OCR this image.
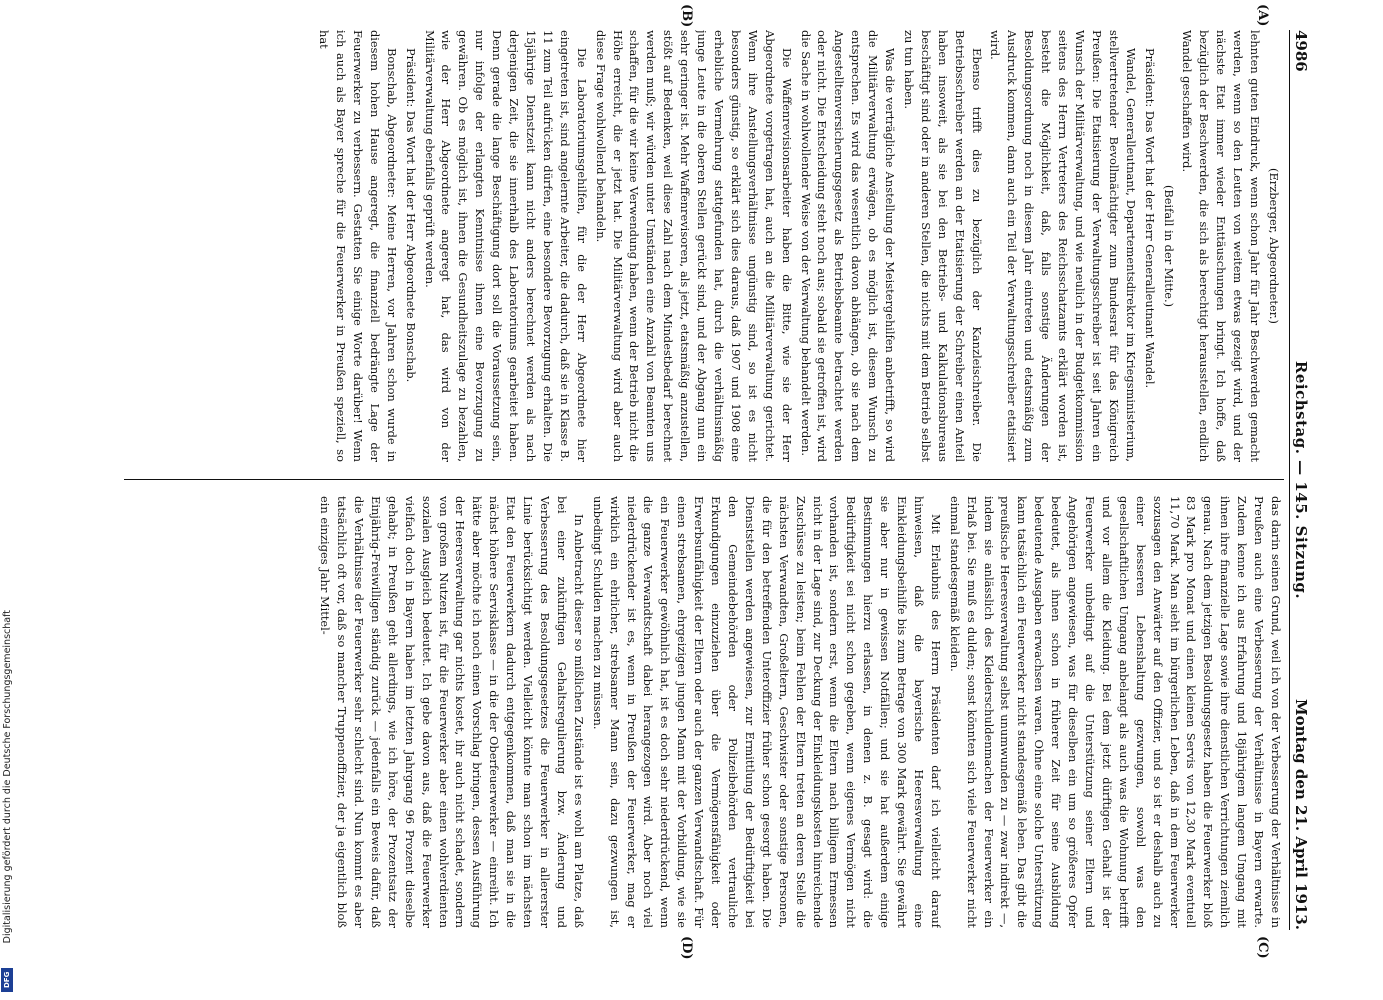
Digitalisierung gefördert durch die Deutsche Forschungsgemeinschaft
DFG
4986
Reichstag. — 145. Sitzung.
Montag den 21. April 1913.
(A)
(B)
(C)
(D)

(Erzberger, Abgeordneter.)

lehnten guten Eindruck, wenn schon Jahr für Jahr Beschwerden gemacht werden, wenn so den Leuten von weitem etwas gezeigt wird, und der nächste Etat immer wieder Enttäuschungen bringt. Ich hoffe, daß bezüglich der Beschwerden, die sich als berechtigt herausstellen, endlich Wandel geschaffen wird.

(Beifall in der Mitte.)

Präsident: Das Wort hat der Herr Generalleutnant Wandel.

Wandel, Generalleutnant, Departementsdirektor im Kriegsministerium, stellvertretender Bevollmächtigter zum Bundesrat für das Königreich Preußen: Die Etatisierung der Verwaltungsschreiber ist seit Jahren ein Wunsch der Militärverwaltung, und wie neulich in der Budgetkommission seitens des Herrn Vertreters des Reichsschatzamts erklärt worden ist, besteht die Möglichkeit, daß, falls sonstige Änderungen der Besoldungsordnung noch in diesem Jahr eintreten und etatsmäßig zum Ausdruck kommen, dann auch ein Teil der Verwaltungsschreiber etatisiert wird.

Ebenso trifft dies zu bezüglich der Kanzleischreiber. Die Betriebsschreiber werden an der Etatisierung der Schreiber einen Anteil haben insoweit, als sie bei den Betriebs- und Kalkulationsbureaus beschäftigt sind oder in anderen Stellen, die nichts mit dem Betrieb selbst zu tun haben.

Was die verträgliche Anstellung der Meistergehilfen anbetrifft, so wird die Militärverwaltung erwägen, ob es möglich ist, diesem Wunsch zu entsprechen. Es wird das wesentlich davon abhängen, ob sie nach dem Angestelltenversicherungsgesetz als Betriebsbeamte betrachtet werden oder nicht. Die Entscheidung steht noch aus; sobald sie getroffen ist, wird die Sache in wohlwollender Weise von der Verwaltung behandelt werden.

Die Waffenrevisionsarbeiter haben die Bitte, wie sie der Herr Abgeordnete vorgetragen hat, auch an die Militärverwaltung gerichtet. Wenn ihre Anstellungsverhältnisse ungünstig sind, so ist es nicht besonders günstig, so erklärt sich dies daraus, daß 1907 und 1908 eine erhebliche Vermehrung stattgefunden hat, durch die verhältnismäßig junge Leute in die oberen Stellen gerückt sind, und der Abgang nun ein sehr geringer ist. Mehr Waffenrevisoren, als jetzt, etatsmäßig anzustellen, stößt auf Bedenken, weil diese Zahl nach dem Mindestbedarf berechnet werden muß; wir würden unter Umständen eine Anzahl von Beamten uns schaffen, für die wir keine Verwendung haben, wenn der Betrieb nicht die Höhe erreicht, die er jetzt hat. Die Militärverwaltung wird aber auch diese Frage wohlwollend behandeln.

Die Laboratoriumsgehilfen, für die der Herr Abgeordnete hier eingetreten ist, sind angelernte Arbeiter, die dadurch, daß sie in Klasse B. 11 zum Teil aufrücken dürfen, eine besondere Bevorzugung erhalten. Die 15jährige Dienstzeit kann nicht anders berechnet werden als nach derjenigen Zeit, die sie innerhalb des Laboratoriums gearbeitet haben. Denn gerade die lange Beschäftigung dort soll die Voraussetzung sein, nur infolge der erlangten Kenntnisse ihnen eine Bevorzugung zu gewähren. Ob es möglich ist, ihnen die Gesundheitszulage zu bezahlen, wie der Herr Abgeordnete angeregt hat, das wird von der Militärverwaltung ebenfalls geprüft werden.

Präsident: Das Wort hat der Herr Abgeordnete Bonschab.

Bonschab, Abgeordneter: Meine Herren, vor Jahren schon wurde in diesem hohen Hause angeregt, die finanziell bedrängte Lage der Feuerwerker zu verbessern. Gestatten Sie einige Worte darüber! Wenn ich auch als Bayer spreche für die Feuerwerker in Preußen speziell, so hat

das darin seinen Grund, weil ich von der Verbesserung der Verhältnisse in Preußen auch eine Verbesserung der Verhältnisse in Bayern erwarte. Zudem kenne ich aus Erfahrung und 18jährigem langem Umgang mit ihnen ihre finanzielle Lage sowie ihre dienstlichen Verrichtungen ziemlich genau. Nach dem jetzigen Besoldungsgesetz haben die Feuerwerker bloß 83 Mark pro Monat und einen kleinen Servis von 12,30 Mark eventuell 11,70 Mark. Man sieht im bürgerlichen Leben, daß in dem Feuerwerker sozusagen den Anwärter auf den Offizier, und so ist er deshalb auch zu einer besseren Lebenshaltung gezwungen, sowohl was den gesellschaftlichen Umgang anbelangt als auch was die Wohnung betrifft und vor allem die Kleidung. Bei dem jetzt dürftigen Gehalt ist der Feuerwerker unbedingt auf die Unterstützung seiner Eltern und Angehörigen angewiesen, was für dieselben ein um so größeres Opfer bedeutet, als ihnen schon in früherer Zeit für seine Ausbildung bedeutende Ausgaben erwachsen waren. Ohne eine solche Unterstützung kann tatsächlich ein Feuerwerker nicht standesgemäß leben. Das gibt die preußische Heeresverwaltung selbst unumwunden zu — zwar indirekt —, indem sie anlässlich des Kleiderschuldenmachen der Feuerwerker ein Erlaß bei. Sie muß es dulden; sonst könnten sich viele Feuerwerker nicht einmal standesgemäß kleiden.

Mit Erlaubnis des Herrn Präsidenten darf ich vielleicht darauf hinweisen, daß die bayerische Heeresverwaltung eine Einkleidungsbeihilfe bis zum Betrage von 300 Mark gewährt. Sie gewährt sie aber nur in gewissen Notfällen; und sie hat außerdem einige Bestimmungen hierzu erlassen, in denen z. B. gesagt wird: die Bedürftigkeit sei nicht schon gegeben, wenn eigenes Vermögen nicht vorhanden ist, sondern erst, wenn die Eltern nach billigem Ermessen nicht in der Lage sind, zur Deckung der Einkleidungskosten hinreichende Zuschüsse zu leisten; beim Fehlen der Eltern treten an deren Stelle die nächsten Verwandten, Großeltern, Geschwister oder sonstige Personen, die für den betreffenden Unteroffizier früher schon gesorgt haben. Die Dienststellen werden angewiesen, zur Ermittlung der Bedürftigkeit bei den Gemeindebehörden oder Polizeibehörden vertrauliche Erkundigungen einzuziehen über die Vermögensfähigkeit oder Erwerbsunfähigkeit der Eltern oder auch der ganzen Verwandtschaft. Für einen strebsamen, ehrgeizigen jungen Mann mit der Vorbildung, wie sie ein Feuerwerker gewöhnlich hat, ist es doch sehr niederdrückend, wenn die ganze Verwandtschaft dabei herangezogen wird. Aber noch viel niederdrückender ist es, wenn in Preußen der Feuerwerker, mag er wirklich ein ehrlicher, strebsamer Mann sein, dazu gezwungen ist, unbedingt Schulden machen zu müssen.

In Anbetracht dieser so mißlichen Zustände ist es wohl am Platze, daß bei einer zukünftigen Gehaltsregulierung bzw. Änderung und Verbesserung des Besoldungsgesetzes die Feuerwerker in allererster Linie berücksichtigt werden. Vielleicht könnte man schon im nächsten Etat den Feuerwerkern dadurch entgegenkommen, daß man sie in die nächst höhere Servisklasse — in die der Oberfeuerwerker — einreiht. Ich hätte aber möchte ich noch einen Vorschlag bringen, dessen Ausführung der Heeresverwaltung gar nichts kostet, ihr auch nicht schadet, sondern von großem Nutzen ist, für die Feuerwerker aber einen wohlverdienten sozialen Ausgleich bedeutet. Ich gebe davon aus, daß die Feuerwerker vielfach doch in Bayern haben im letzten Jahrgang 96 Prozent dieselbe gehabt; in Preußen geht allerdings, wie ich höre, der Prozentsatz der Einjährig-Freiwilligen ständig zurück — jedenfalls ein Beweis dafür, daß die Verhältnisse der Feuerwerker sehr schlecht sind. Nun kommt es aber tatsächlich oft vor, daß so mancher Truppenoffizier, der ja eigentlich bloß ein einziges Jahr Mittel-
